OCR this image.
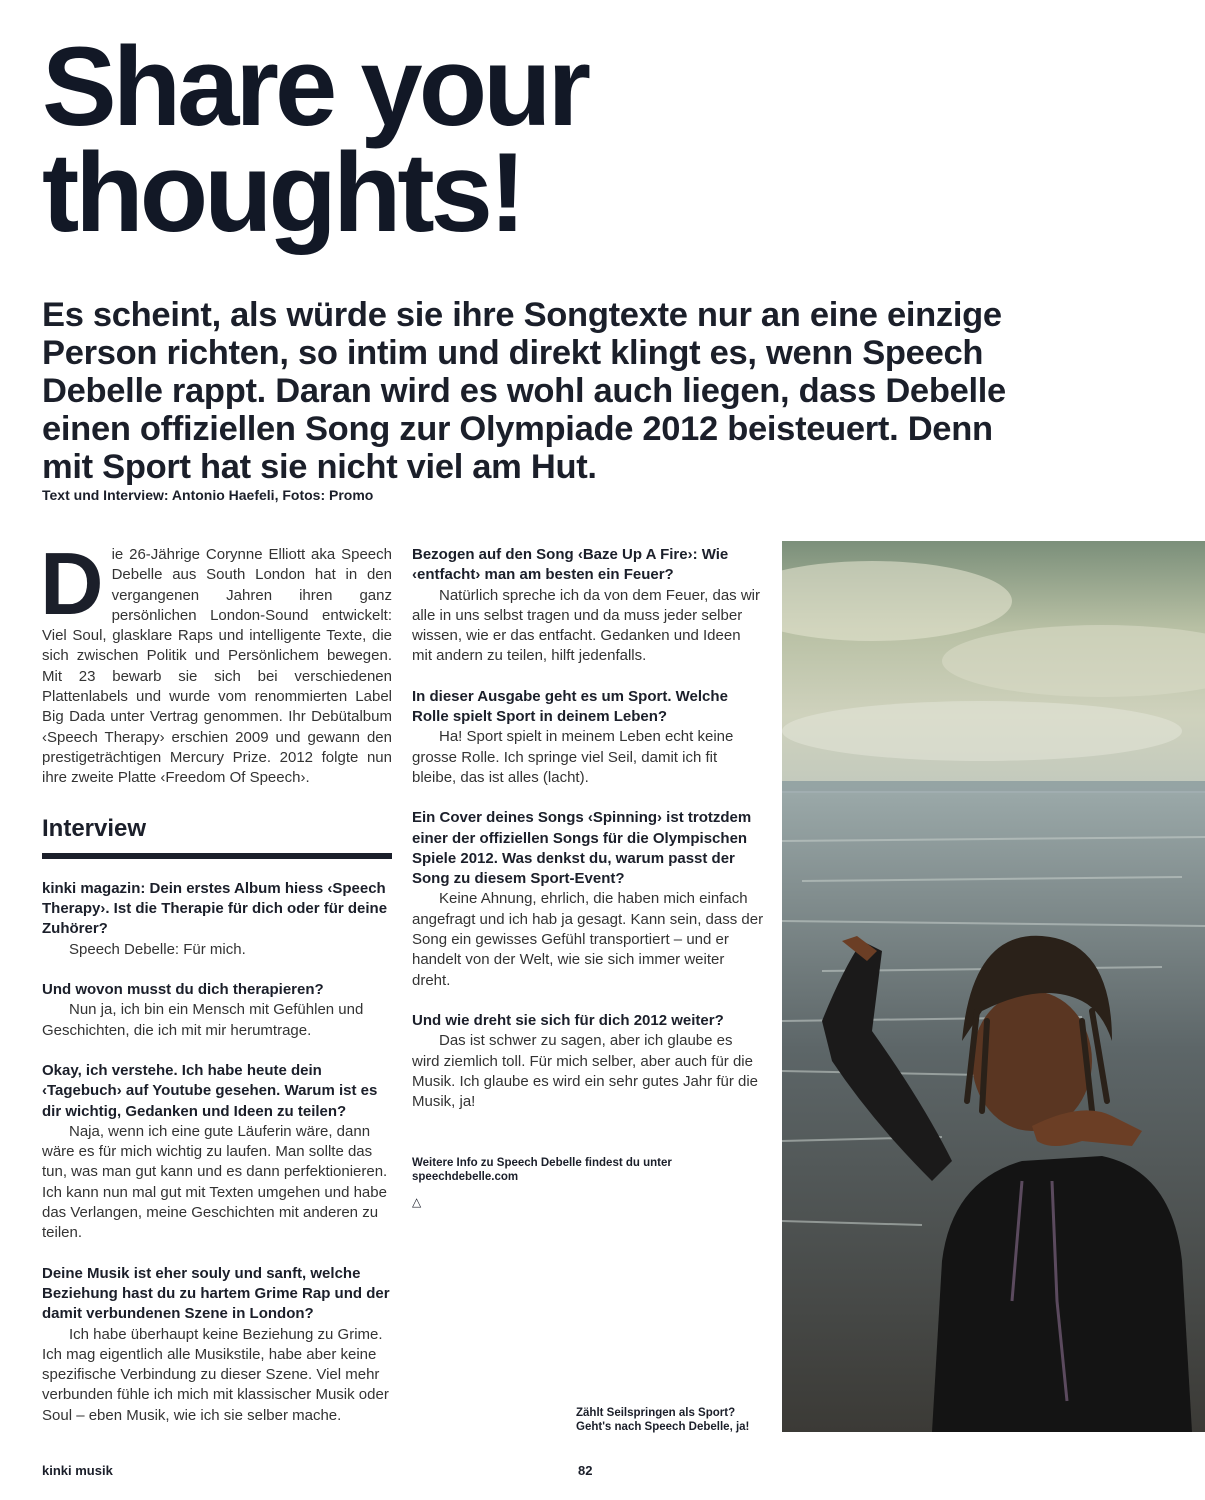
Share your
thoughts!

Es scheint, als würde sie ihre Songtexte nur an eine einzige Person richten, so intim und direkt klingt es, wenn Speech Debelle rappt. Daran wird es wohl auch liegen, dass Debelle einen offiziellen Song zur Olympiade 2012 beisteuert. Denn mit Sport hat sie nicht viel am Hut.

Text und Interview: Antonio Haefeli, Fotos: Promo

Die 26-Jährige Corynne Elliott aka Speech Debelle aus South London hat in den vergangenen Jahren ihren ganz persönlichen London-Sound entwickelt: Viel Soul, glasklare Raps und intelligente Texte, die sich zwischen Politik und Persönlichem bewegen. Mit 23 bewarb sie sich bei verschiedenen Plattenlabels und wurde vom renommierten Label Big Dada unter Vertrag genommen. Ihr Debütalbum ‹Speech Therapy› erschien 2009 und gewann den prestigeträchtigen Mercury Prize. 2012 folgte nun ihre zweite Platte ‹Freedom Of Speech›.

Interview

kinki magazin: Dein erstes Album hiess ‹Speech Therapy›. Ist die Therapie für dich oder für deine Zuhörer?

Speech Debelle: Für mich.

Und wovon musst du dich therapieren?

Nun ja, ich bin ein Mensch mit Gefühlen und Geschichten, die ich mit mir herumtrage.

Okay, ich verstehe. Ich habe heute dein ‹Tagebuch› auf Youtube gesehen. Warum ist es dir wichtig, Gedanken und Ideen zu teilen?

Naja, wenn ich eine gute Läuferin wäre, dann wäre es für mich wichtig zu laufen. Man sollte das tun, was man gut kann und es dann perfektionieren. Ich kann nun mal gut mit Texten umgehen und habe das Verlangen, meine Geschichten mit anderen zu teilen.

Deine Musik ist eher souly und sanft, welche Beziehung hast du zu hartem Grime Rap und der damit verbundenen Szene in London?

Ich habe überhaupt keine Beziehung zu Grime. Ich mag eigentlich alle Musikstile, habe aber keine spezifische Verbindung zu dieser Szene. Viel mehr verbunden fühle ich mich mit klassischer Musik oder Soul – eben Musik, wie ich sie selber mache.

Bezogen auf den Song ‹Baze Up A Fire›: Wie ‹entfacht› man am besten ein Feuer?

Natürlich spreche ich da von dem Feuer, das wir alle in uns selbst tragen und da muss jeder selber wissen, wie er das entfacht. Gedanken und Ideen mit andern zu teilen, hilft jedenfalls.

In dieser Ausgabe geht es um Sport. Welche Rolle spielt Sport in deinem Leben?

Ha! Sport spielt in meinem Leben echt keine grosse Rolle. Ich springe viel Seil, damit ich fit bleibe, das ist alles (lacht).

Ein Cover deines Songs ‹Spinning› ist trotzdem einer der offiziellen Songs für die Olympischen Spiele 2012. Was denkst du, warum passt der Song zu diesem Sport-Event?

Keine Ahnung, ehrlich, die haben mich einfach angefragt und ich hab ja gesagt. Kann sein, dass der Song ein gewisses Gefühl transportiert – und er handelt von der Welt, wie sie sich immer weiter dreht.

Und wie dreht sie sich für dich 2012 weiter?

Das ist schwer zu sagen, aber ich glaube es wird ziemlich toll. Für mich selber, aber auch für die Musik. Ich glaube es wird ein sehr gutes Jahr für die Musik, ja!

Weitere Info zu Speech Debelle findest du unter
speechdebelle.com
△
Zählt Seilspringen als Sport?
Geht's nach Speech Debelle, ja!
kinki musik	82
